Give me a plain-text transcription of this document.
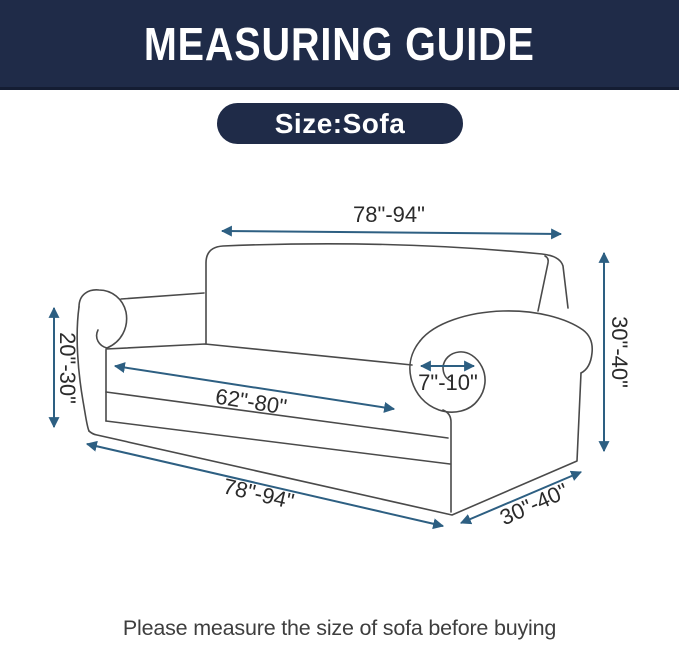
MEASURING GUIDE
Size:Sofa
78"-94"
30"-40"
20"-30"	62"-80"
7"-10"
78"-94"	30"-40"
Please measure the size of sofa before buying
